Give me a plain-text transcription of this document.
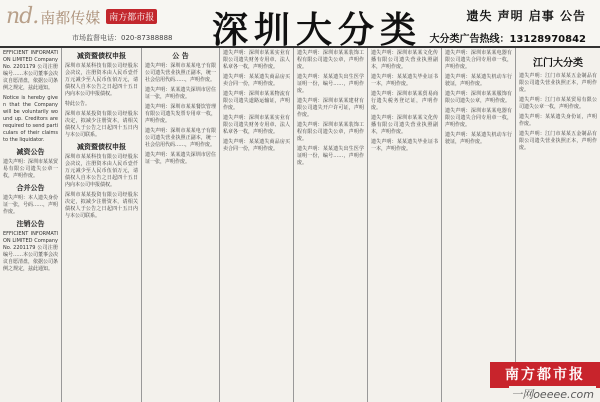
nd. 南都传媒	南方都市报
市场监督电话：020-87388888 深圳大分类	遗失 声明 启事 公告
大分类广告热线：13128970842
EFFICIENT INFORMATION LIMITED Company No. 2201179 公司注册编号……本公司董事会决议自愿清盘，依据公司条例之规定，兹此通知。
Notice is hereby given that the Company will be voluntarily wound up. Creditors are required to send particulars of their claims to the liquidator.
减资公告
遗失声明：深圳市某某贸易有限公司遗失公章一枚，声明作废。
合并公告
遗失声明：本人遗失身份证一张，号码……，声明作废。
注销公告
EFFICIENT INFORMATION LIMITED Company No. 2201179 公司注册编号……本公司董事会决议自愿清盘，依据公司条例之规定，兹此通知。
减资暨债权申报
深圳市某某科技有限公司经股东会决议，注册资本由人民币壹仟万元减少至人民币伍佰万元，请债权人自本公告之日起四十五日内向本公司申报债权。
特此公告。
深圳市某某投资有限公司经股东决定，拟减少注册资本，请相关债权人于公告之日起四十五日内与本公司联系。
减资暨债权申报
深圳市某某科技有限公司经股东会决议，注册资本由人民币壹仟万元减少至人民币伍佰万元，请债权人自本公告之日起四十五日内向本公司申报债权。
深圳市某某投资有限公司经股东决定，拟减少注册资本，请相关债权人于公告之日起四十五日内与本公司联系。
公 告
遗失声明：深圳市某某电子有限公司遗失营业执照正副本，统一社会信用代码……，声明作废。
遗失声明：某某遗失深圳市居住证一张，声明作废。
遗失声明：深圳市某某餐饮管理有限公司遗失发票专用章一枚，声明作废。
遗失声明：深圳市某某电子有限公司遗失营业执照正副本，统一社会信用代码……，声明作废。
遗失声明：某某遗失深圳市居住证一张，声明作废。
遗失声明：深圳市某某实业有限公司遗失财务专用章、法人私章各一枚，声明作废。
遗失声明：某某遗失商品房买卖合同一份，声明作废。
遗失声明：深圳市某某物流有限公司遗失道路运输证，声明作废。
遗失声明：深圳市某某实业有限公司遗失财务专用章、法人私章各一枚，声明作废。
遗失声明：某某遗失商品房买卖合同一份，声明作废。
遗失声明：深圳市某某装饰工程有限公司遗失公章，声明作废。
遗失声明：某某遗失出生医学证明一份，编号……，声明作废。
遗失声明：深圳市某某建材有限公司遗失开户许可证，声明作废。
遗失声明：深圳市某某装饰工程有限公司遗失公章，声明作废。
遗失声明：某某遗失出生医学证明一份，编号……，声明作废。
遗失声明：深圳市某某文化传播有限公司遗失营业执照副本，声明作废。
遗失声明：某某遗失毕业证书一本，声明作废。
遗失声明：深圳市某某贸易商行遗失税务登记证，声明作废。
遗失声明：深圳市某某文化传播有限公司遗失营业执照副本，声明作废。
遗失声明：某某遗失毕业证书一本，声明作废。
遗失声明：深圳市某某电器有限公司遗失合同专用章一枚，声明作废。
遗失声明：某某遗失机动车行驶证，声明作废。
遗失声明：深圳市某某服饰有限公司遗失公章，声明作废。
遗失声明：深圳市某某电器有限公司遗失合同专用章一枚，声明作废。
遗失声明：某某遗失机动车行驶证，声明作废。
江门大分类
遗失声明：江门市某某五金制品有限公司遗失营业执照正本，声明作废。
遗失声明：江门市某某贸易有限公司遗失公章一枚，声明作废。
遗失声明：某某遗失身份证，声明作废。
遗失声明：江门市某某五金制品有限公司遗失营业执照正本，声明作废。
南方都市报
一网oeeee.com
